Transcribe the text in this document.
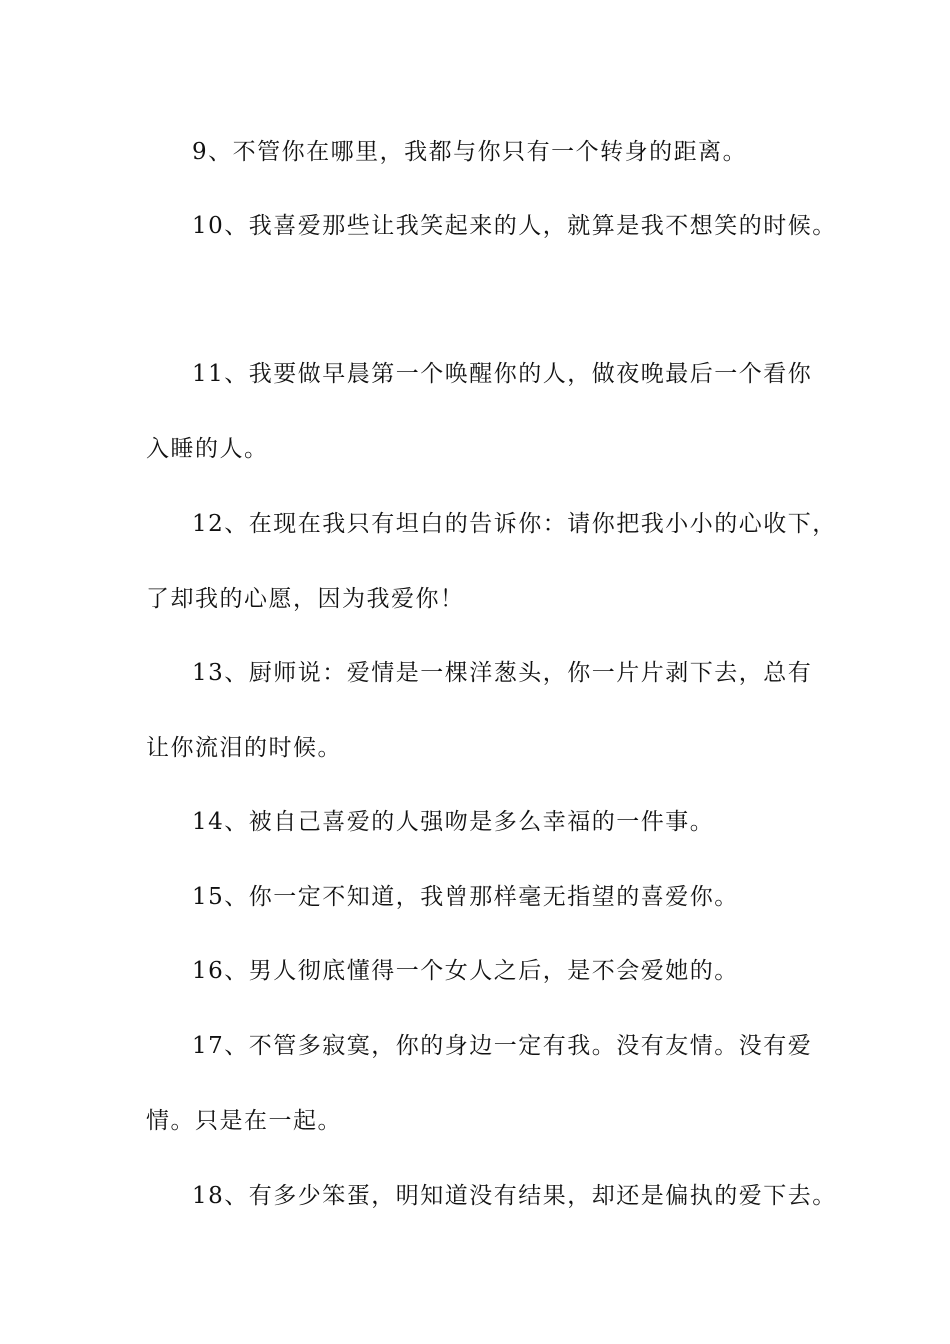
9、不管你在哪里，我都与你只有一个转身的距离。
10、我喜爱那些让我笑起来的人，就算是我不想笑的时候。
11、我要做早晨第一个唤醒你的人，做夜晚最后一个看你
入睡的人。
12、在现在我只有坦白的告诉你：请你把我小小的心收下，
了却我的心愿，因为我爱你！
13、厨师说：爱情是一棵洋葱头，你一片片剥下去，总有
让你流泪的时候。
14、被自己喜爱的人强吻是多么幸福的一件事。
15、你一定不知道，我曾那样毫无指望的喜爱你。
16、男人彻底懂得一个女人之后，是不会爱她的。
17、不管多寂寞，你的身边一定有我。没有友情。没有爱
情。只是在一起。
18、有多少笨蛋，明知道没有结果，却还是偏执的爱下去。
